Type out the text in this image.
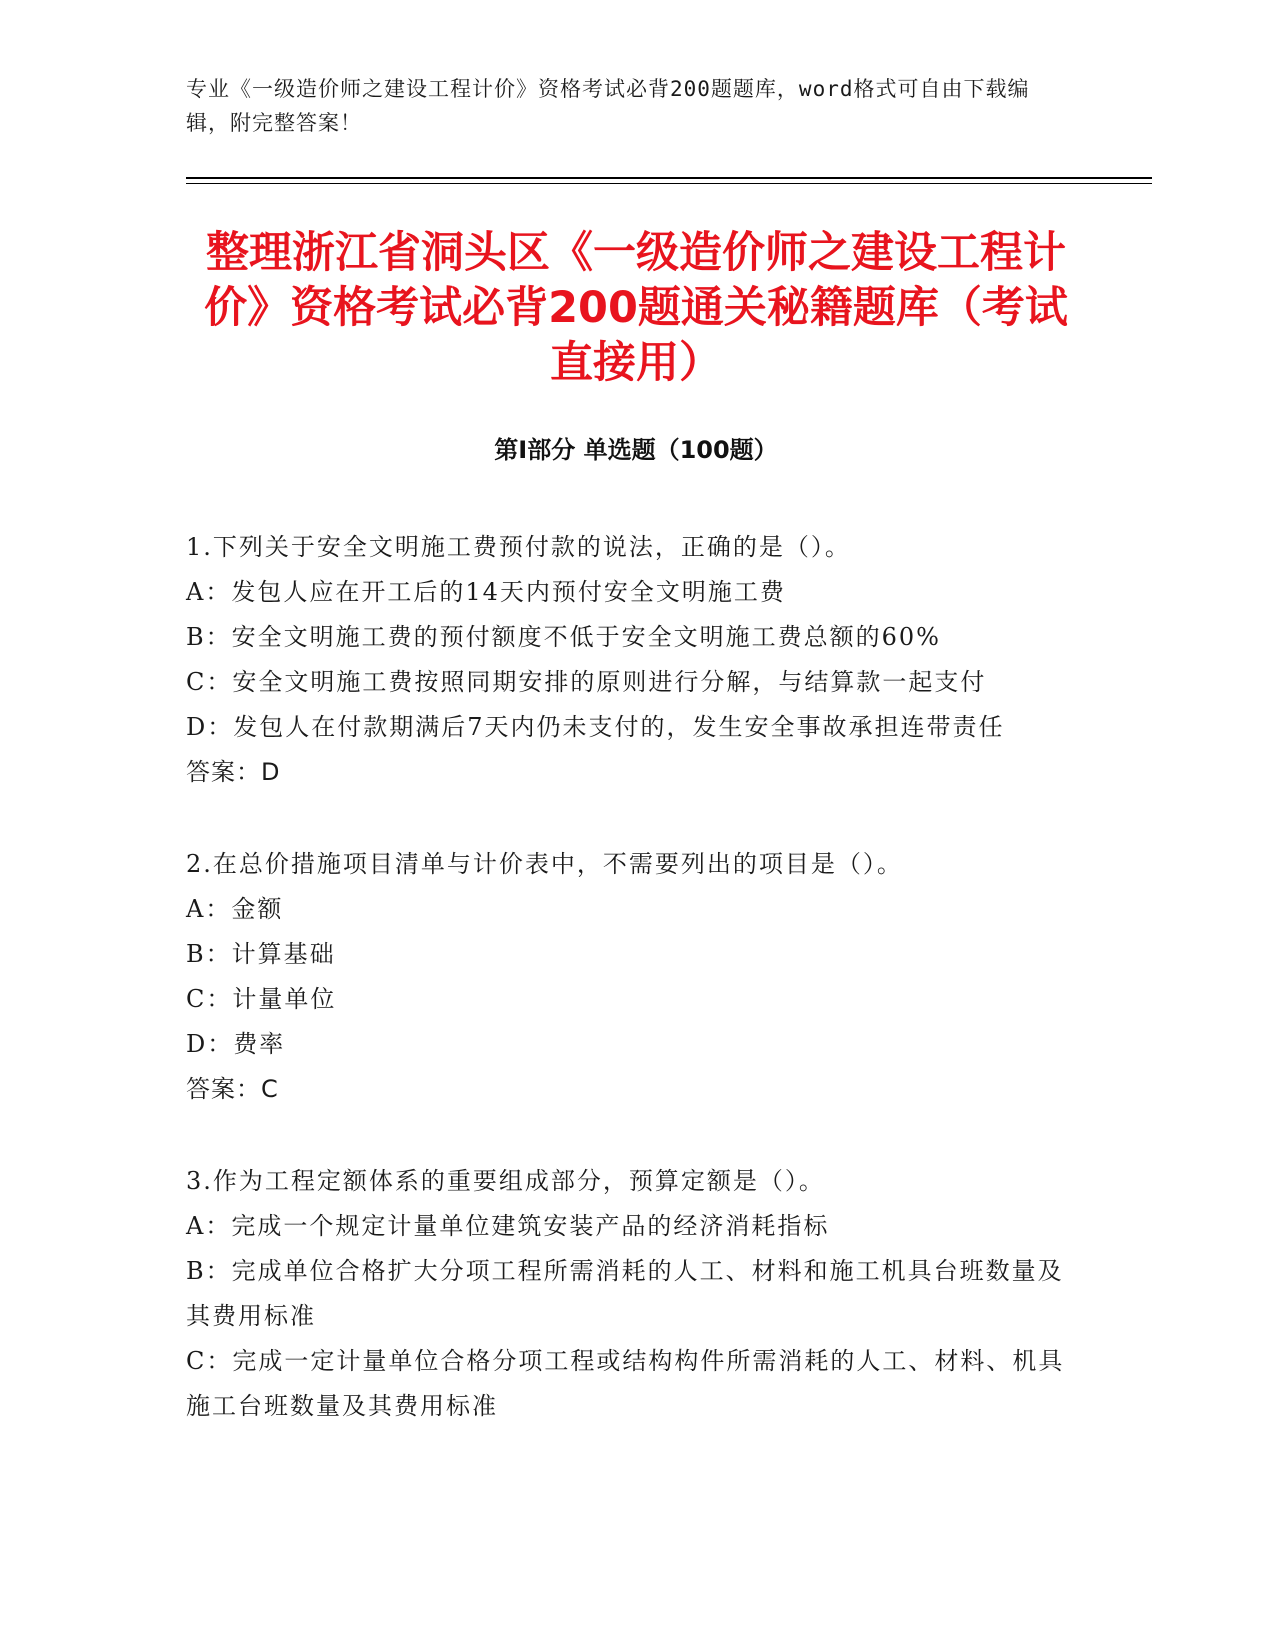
专业《一级造价师之建设工程计价》资格考试必背200题题库，word格式可自由下载编辑，附完整答案！
整理浙江省洞头区《一级造价师之建设工程计价》资格考试必背200题通关秘籍题库（考试直接用）
第Ⅰ部分 单选题（100题）

1.下列关于安全文明施工费预付款的说法，正确的是（）。

A：发包人应在开工后的14天内预付安全文明施工费

B：安全文明施工费的预付额度不低于安全文明施工费总额的60%

C：安全文明施工费按照同期安排的原则进行分解，与结算款一起支付

D：发包人在付款期满后7天内仍未支付的，发生安全事故承担连带责任

答案：D

2.在总价措施项目清单与计价表中，不需要列出的项目是（）。

A：金额

B：计算基础

C：计量单位

D：费率

答案：C

3.作为工程定额体系的重要组成部分，预算定额是（）。

A：完成一个规定计量单位建筑安装产品的经济消耗指标

B：完成单位合格扩大分项工程所需消耗的人工、材料和施工机具台班数量及其费用标准

C：完成一定计量单位合格分项工程或结构构件所需消耗的人工、材料、机具施工台班数量及其费用标准
